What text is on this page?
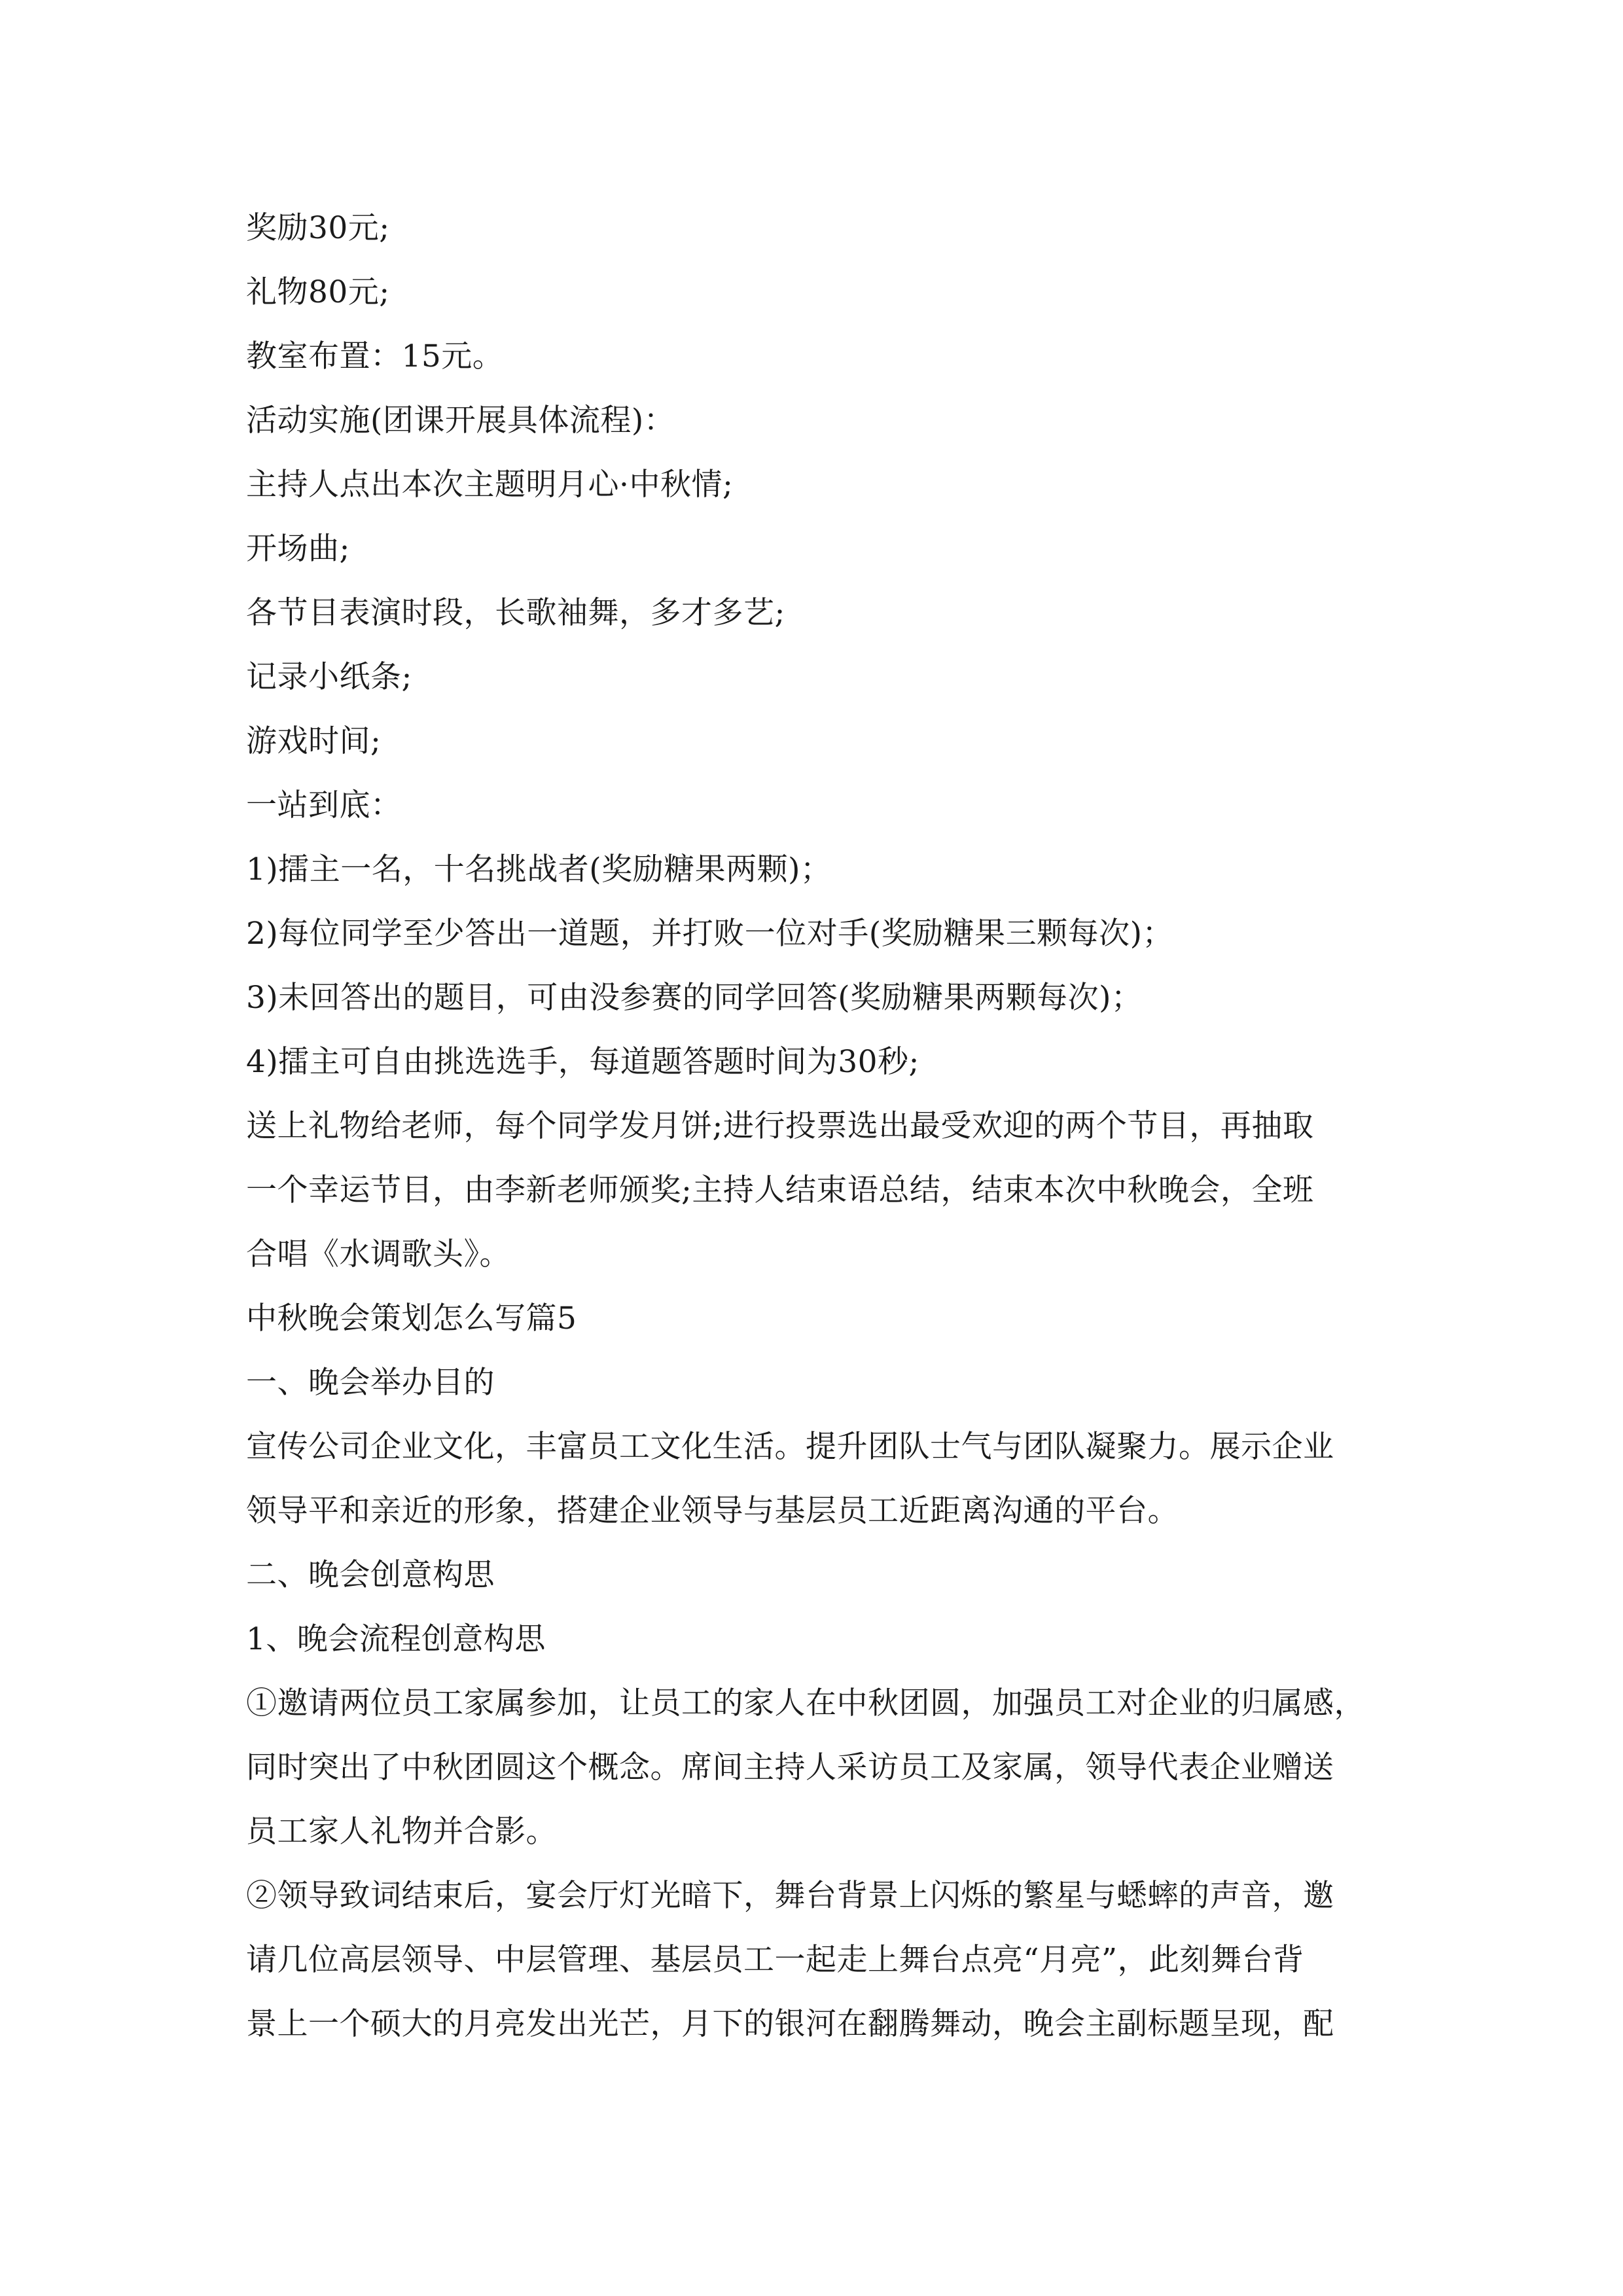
奖励30元;
礼物80元;
教室布置：15元。
活动实施(团课开展具体流程)：
主持人点出本次主题明月心·中秋情;
开场曲;
各节目表演时段，长歌袖舞，多才多艺;
记录小纸条;
游戏时间;
一站到底：
1)擂主一名，十名挑战者(奖励糖果两颗)；
2)每位同学至少答出一道题，并打败一位对手(奖励糖果三颗每次)；
3)未回答出的题目，可由没参赛的同学回答(奖励糖果两颗每次)；
4)擂主可自由挑选选手，每道题答题时间为30秒;
送上礼物给老师，每个同学发月饼;进行投票选出最受欢迎的两个节目，再抽取
一个幸运节目，由李新老师颁奖;主持人结束语总结，结束本次中秋晚会，全班
合唱《水调歌头》。
中秋晚会策划怎么写篇5
一、晚会举办目的
宣传公司企业文化，丰富员工文化生活。提升团队士气与团队凝聚力。展示企业
领导平和亲近的形象，搭建企业领导与基层员工近距离沟通的平台。
二、晚会创意构思
1、晚会流程创意构思
①邀请两位员工家属参加，让员工的家人在中秋团圆，加强员工对企业的归属感，
同时突出了中秋团圆这个概念。席间主持人采访员工及家属，领导代表企业赠送
员工家人礼物并合影。
②领导致词结束后，宴会厅灯光暗下，舞台背景上闪烁的繁星与蟋蟀的声音，邀
请几位高层领导、中层管理、基层员工一起走上舞台点亮“月亮”，此刻舞台背
景上一个硕大的月亮发出光芒，月下的银河在翻腾舞动，晚会主副标题呈现，配
